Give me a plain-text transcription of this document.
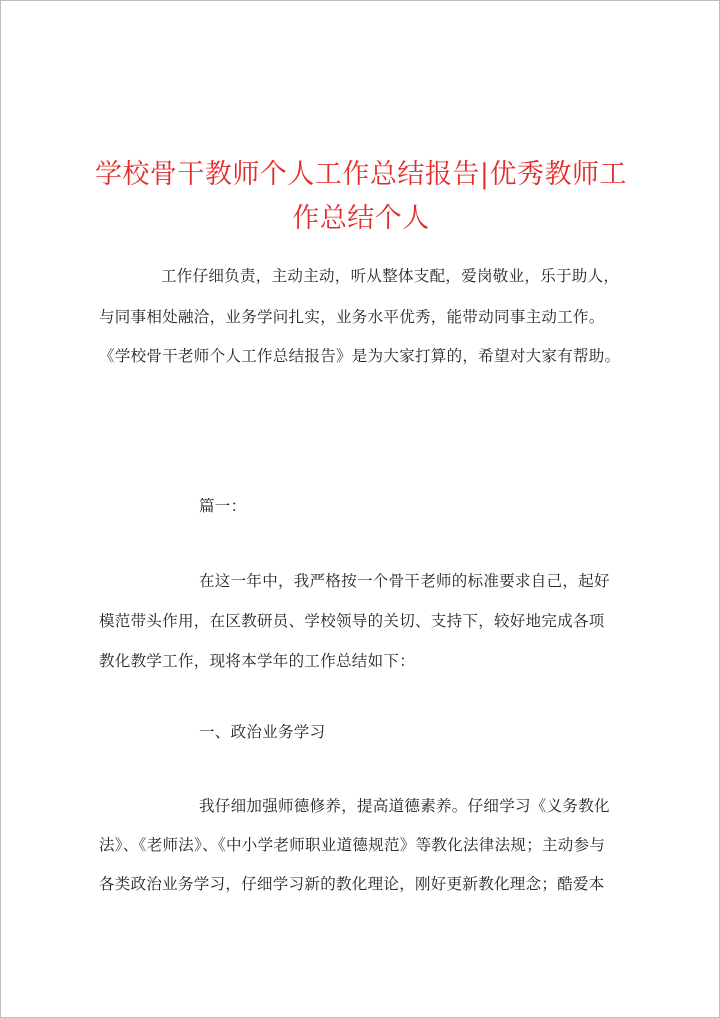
学校骨干教师个人工作总结报告|优秀教师工
作总结个人
工作仔细负责，主动主动，听从整体支配，爱岗敬业，乐于助人，
与同事相处融洽，业务学问扎实，业务水平优秀，能带动同事主动工作。
《学校骨干老师个人工作总结报告》是为大家打算的，希望对大家有帮助。
篇一：
在这一年中，我严格按一个骨干老师的标准要求自己，起好
模范带头作用，在区教研员、学校领导的关切、支持下，较好地完成各项
教化教学工作，现将本学年的工作总结如下：
一、政治业务学习
我仔细加强师德修养，提高道德素养。仔细学习《义务教化
法》、《老师法》、《中小学老师职业道德规范》等教化法律法规；主动参与
各类政治业务学习，仔细学习新的教化理论，刚好更新教化理念；酷爱本
